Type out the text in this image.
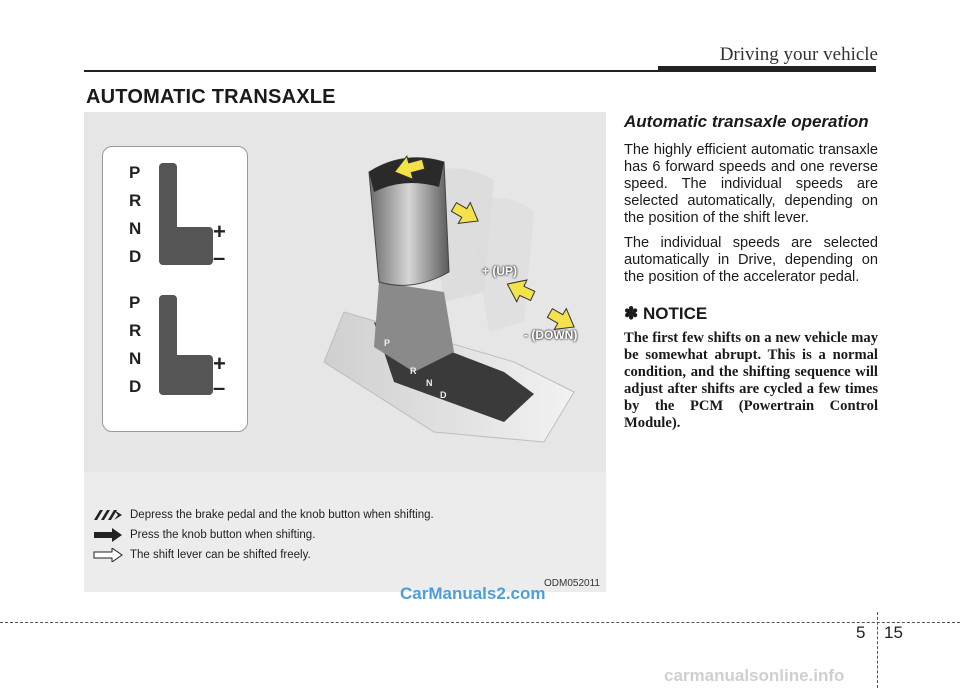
Driving your vehicle
AUTOMATIC TRANSAXLE
P
R
N
D
+
–
P
R
N
D
+
–
P
R
N
D
+ (UP)
- (DOWN)
Depress the brake pedal and the knob button when shifting.
Press the knob button when shifting.
The shift lever can be shifted freely.
ODM052011
Automatic transaxle operation

The highly efficient automatic transaxle has 6 forward speeds and one reverse speed. The individual speeds are selected automatically, depending on the position of the shift lever.

The individual speeds are selected automatically in Drive, depending on the position of the accelerator pedal.

✽ NOTICE

The first few shifts on a new vehicle may be somewhat abrupt. This is a normal condition, and the shifting sequence will adjust after shifts are cycled a few times by the PCM (Powertrain Control Module).

CarManuals2.com
5 15
carmanualsonline.info
